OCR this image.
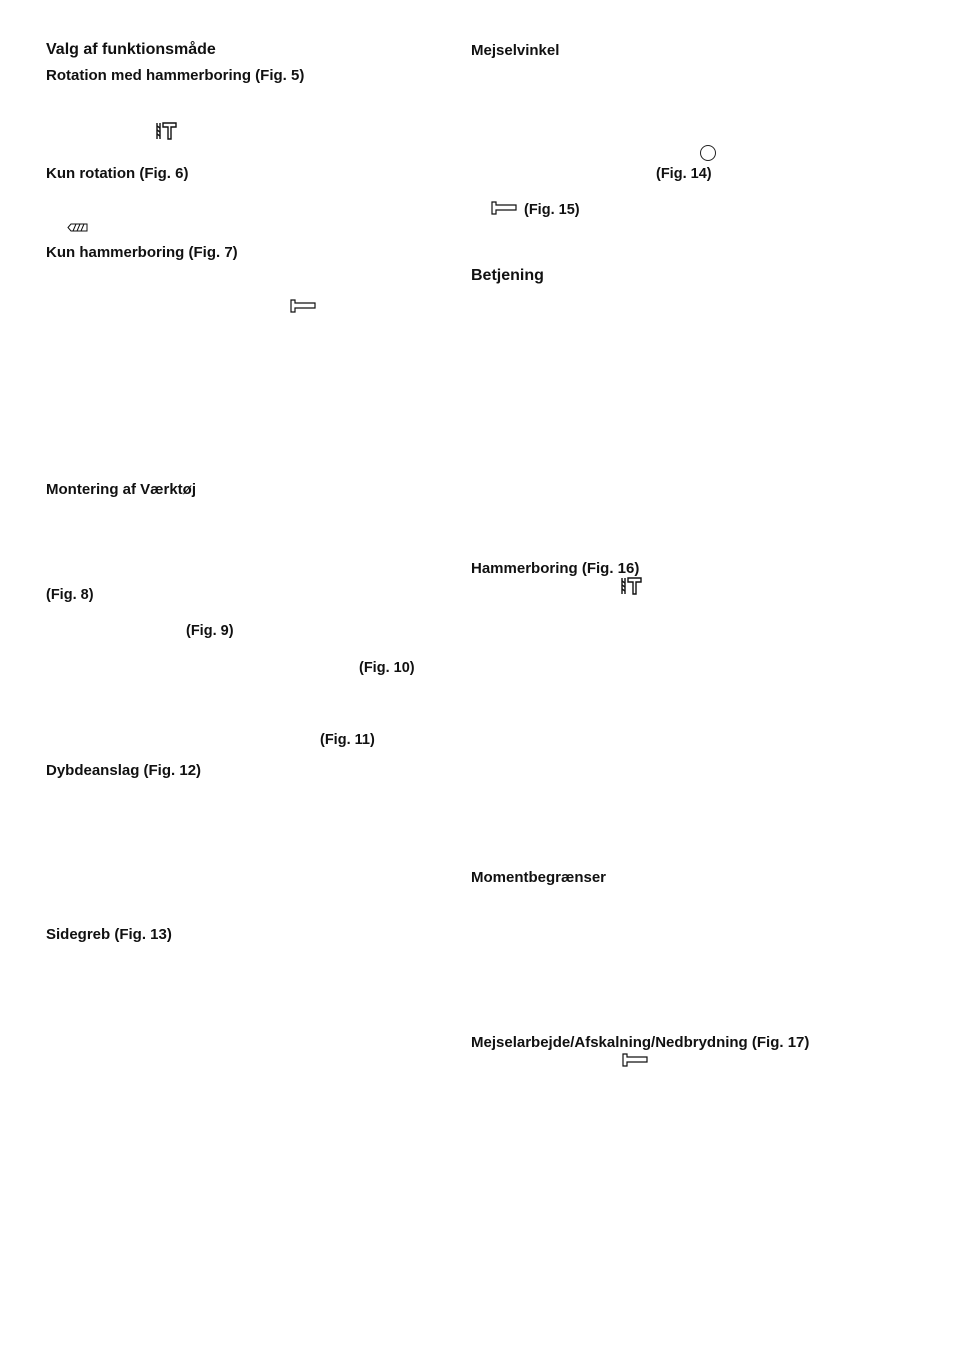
Valg af funktionsmåde
Rotation med hammerboring (Fig. 5)
Kun rotation (Fig. 6)
Kun hammerboring (Fig. 7)
Montering af Værktøj
(Fig. 8)
(Fig. 9)
(Fig. 10)
(Fig. 11)
Dybdeanslag (Fig. 12)
Sidegreb (Fig. 13)
Mejselvinkel
(Fig. 14)
(Fig. 15)
Betjening
Hammerboring (Fig. 16)
Momentbegrænser
Mejselarbejde/Afskalning/Nedbrydning (Fig. 17)
